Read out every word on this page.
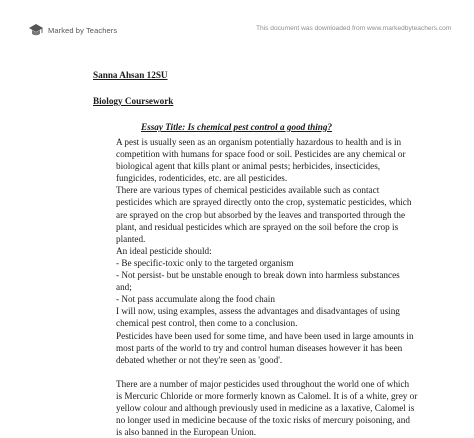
Marked by Teachers	This document was downloaded from www.markedbyteachers.com
Sanna Ahsan 12SU
Biology Coursework
Essay Title: Is chemical pest control a good thing?
A pest is usually seen as an organism potentially hazardous to health and is in
competition with humans for space food or soil. Pesticides are any chemical or
biological agent that kills plant or animal pests; herbicides, insecticides,
fungicides, rodenticides, etc. are all pesticides.
There are various types of chemical pesticides available such as contact
pesticides which are sprayed directly onto the crop, systematic pesticides, which
are sprayed on the crop but absorbed by the leaves and transported through the
plant, and residual pesticides which are sprayed on the soil before the crop is
planted.
An ideal pesticide should:
- Be specific-toxic only to the targeted organism
- Not persist- but be unstable enough to break down into harmless substances
and;
- Not pass accumulate along the food chain
I will now, using examples, assess the advantages and disadvantages of using
chemical pest control, then come to a conclusion.
Pesticides have been used for some time, and have been used in large amounts in
most parts of the world to try and control human diseases however it has been
debated whether or not they're seen as 'good'.
There are a number of major pesticides used throughout the world one of which
is Mercuric Chloride or more formerly known as Calomel. It is of a white, grey or
yellow colour and although previously used in medicine as a laxative, Calomel is
no longer used in medicine because of the toxic risks of mercury poisoning, and
is also banned in the European Union.
